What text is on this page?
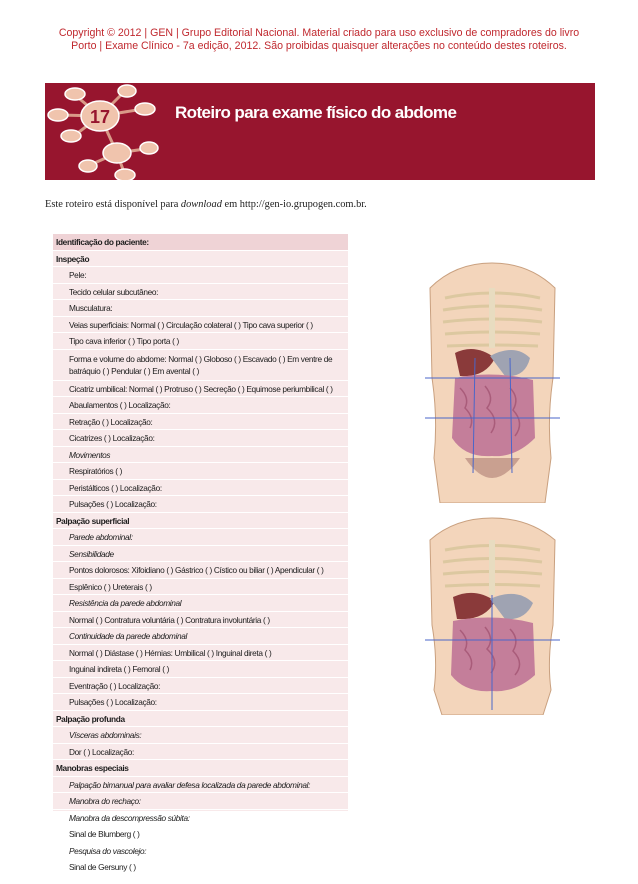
Copyright © 2012 | GEN | Grupo Editorial Nacional. Material criado para uso exclusivo de compradores do livro
Porto | Exame Clínico - 7a edição, 2012. São proibidas quaisquer alterações no conteúdo destes roteiros.
17	Roteiro para exame físico do abdome
Este roteiro está disponível para download em http://gen-io.grupogen.com.br.
Identificação do paciente:
Inspeção
Pele:
Tecido celular subcutâneo:
Musculatura:
Veias superficiais: Normal ( ) Circulação colateral ( ) Tipo cava superior ( )
Tipo cava inferior ( ) Tipo porta ( )
Forma e volume do abdome: Normal ( ) Globoso ( ) Escavado ( ) Em ventre de batráquio ( ) Pendular ( ) Em avental ( )
Cicatriz umbilical: Normal ( ) Protruso ( ) Secreção ( ) Equimose periumbilical ( )
Abaulamentos ( ) Localização:
Retração ( ) Localização:
Cicatrizes ( ) Localização:
Movimentos
Respiratórios ( )
Peristálticos ( ) Localização:
Pulsações ( ) Localização:
Palpação superficial
Parede abdominal:
Sensibilidade
Pontos dolorosos: Xifoidiano ( ) Gástrico ( ) Cístico ou biliar ( ) Apendicular ( )
Esplênico ( ) Ureterais ( )
Resistência da parede abdominal
Normal ( ) Contratura voluntária ( ) Contratura involuntária ( )
Continuidade da parede abdominal
Normal ( ) Diástase ( ) Hérnias: Umbilical ( ) Inguinal direta ( )
Inguinal indireta ( ) Femoral ( )
Eventração ( ) Localização:
Pulsações ( ) Localização:
Palpação profunda
Vísceras abdominais:
Dor ( ) Localização:
Manobras especiais
Palpação bimanual para avaliar defesa localizada da parede abdominal:
Manobra do rechaço:
Manobra da descompressão súbita:
Sinal de Blumberg ( )
Pesquisa do vascolejo:
Sinal de Gersuny ( )
